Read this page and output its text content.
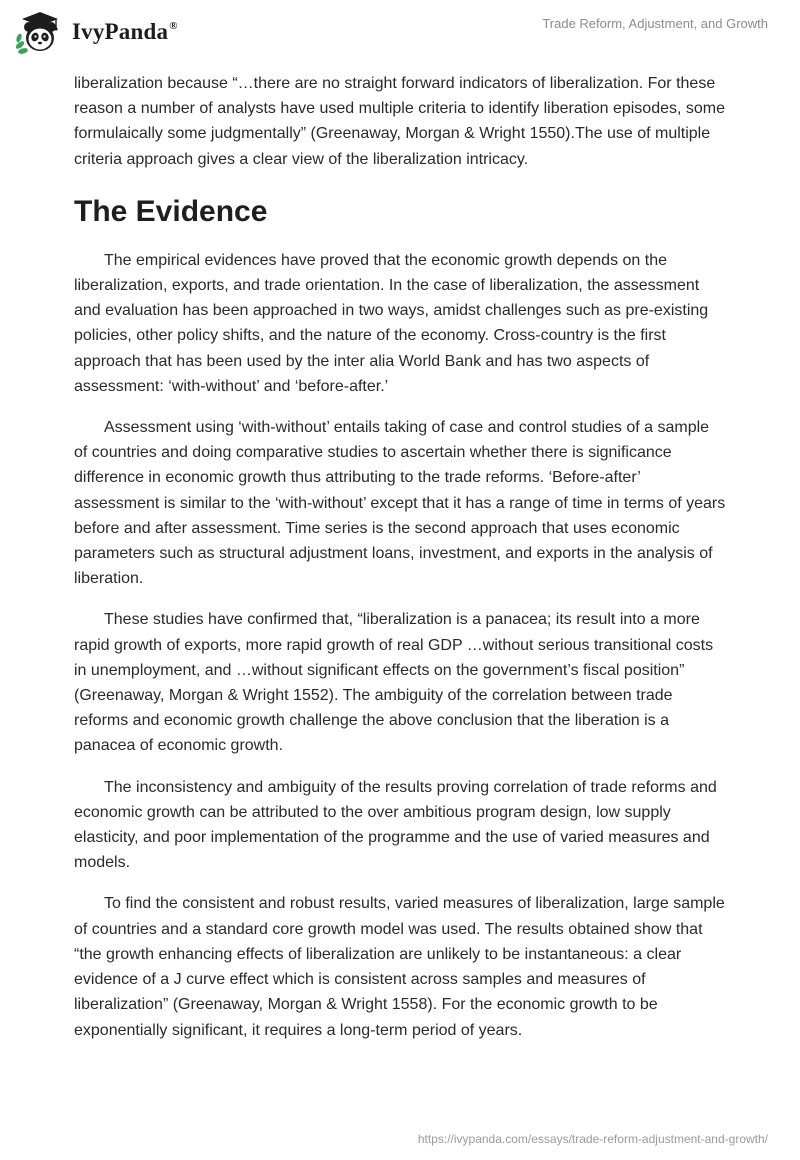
IvyPanda®	Trade Reform, Adjustment, and Growth

liberalization because “…there are no straight forward indicators of liberalization. For these reason a number of analysts have used multiple criteria to identify liberation episodes, some formulaically some judgmentally” (Greenaway, Morgan & Wright 1550).The use of multiple criteria approach gives a clear view of the liberalization intricacy.

The Evidence

The empirical evidences have proved that the economic growth depends on the liberalization, exports, and trade orientation. In the case of liberalization, the assessment and evaluation has been approached in two ways, amidst challenges such as pre-existing policies, other policy shifts, and the nature of the economy. Cross-country is the first approach that has been used by the inter alia World Bank and has two aspects of assessment: ‘with-without’ and ‘before-after.’

Assessment using ‘with-without’ entails taking of case and control studies of a sample of countries and doing comparative studies to ascertain whether there is significance difference in economic growth thus attributing to the trade reforms. ‘Before-after’ assessment is similar to the ‘with-without’ except that it has a range of time in terms of years before and after assessment. Time series is the second approach that uses economic parameters such as structural adjustment loans, investment, and exports in the analysis of liberation.

These studies have confirmed that, “liberalization is a panacea; its result into a more rapid growth of exports, more rapid growth of real GDP …without serious transitional costs in unemployment, and …without significant effects on the government’s fiscal position” (Greenaway, Morgan & Wright 1552). The ambiguity of the correlation between trade reforms and economic growth challenge the above conclusion that the liberation is a panacea of economic growth.

The inconsistency and ambiguity of the results proving correlation of trade reforms and economic growth can be attributed to the over ambitious program design, low supply elasticity, and poor implementation of the programme and the use of varied measures and models.

To find the consistent and robust results, varied measures of liberalization, large sample of countries and a standard core growth model was used. The results obtained show that “the growth enhancing effects of liberalization are unlikely to be instantaneous: a clear evidence of a J curve effect which is consistent across samples and measures of liberalization” (Greenaway, Morgan & Wright 1558). For the economic growth to be exponentially significant, it requires a long-term period of years.

https://ivypanda.com/essays/trade-reform-adjustment-and-growth/
